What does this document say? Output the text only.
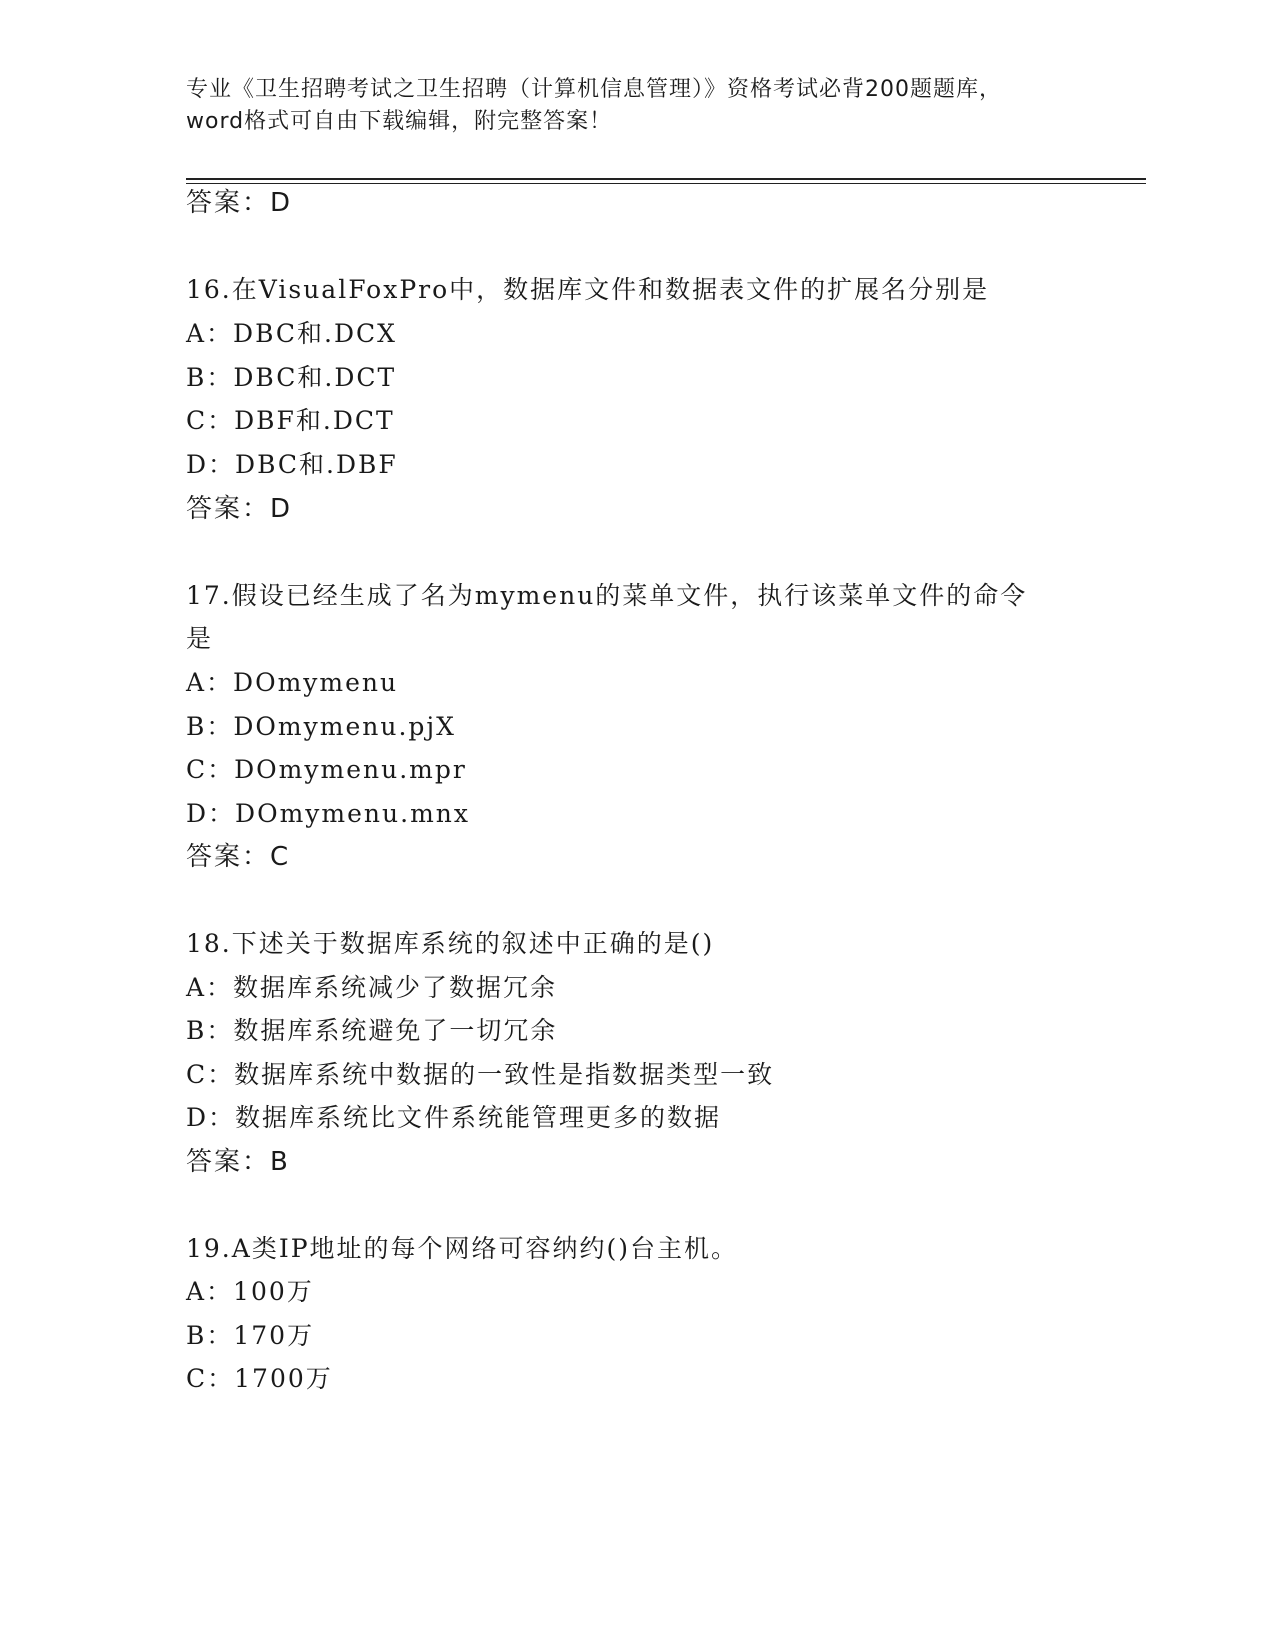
专业《卫生招聘考试之卫生招聘（计算机信息管理）》资格考试必背200题题库，
word格式可自由下载编辑，附完整答案！
答案：D
16.在VisualFoxPro中，数据库文件和数据表文件的扩展名分别是
A：DBC和.DCX
B：DBC和.DCT
C：DBF和.DCT
D：DBC和.DBF
答案：D
17.假设已经生成了名为mymenu的菜单文件，执行该菜单文件的命令
是
A：DOmymenu
B：DOmymenu.pjX
C：DOmymenu.mpr
D：DOmymenu.mnx
答案：C
18.下述关于数据库系统的叙述中正确的是()
A：数据库系统减少了数据冗余
B：数据库系统避免了一切冗余
C：数据库系统中数据的一致性是指数据类型一致
D：数据库系统比文件系统能管理更多的数据
答案：B
19.A类IP地址的每个网络可容纳约()台主机。
A：100万
B：170万
C：1700万
